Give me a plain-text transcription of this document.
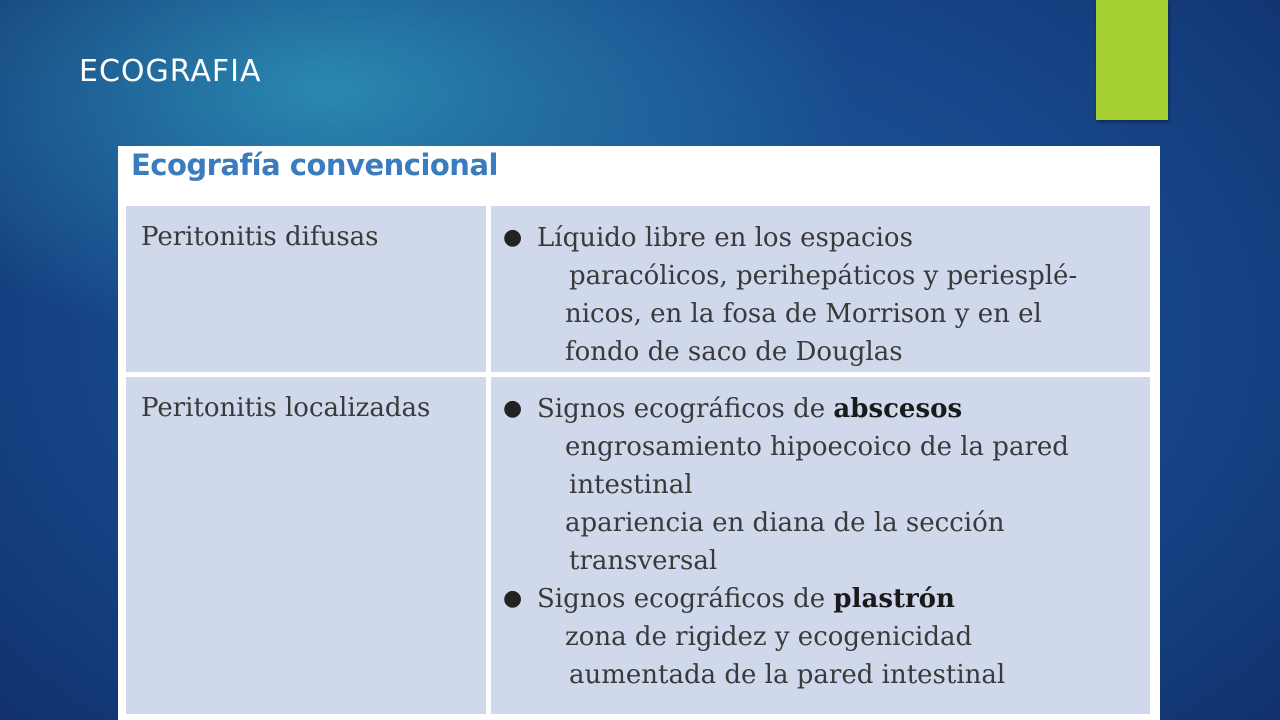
ECOGRAFIA
Ecografía convencional
Peritonitis difusas	● Líquido libre en los espacios
paracólicos, perihepáticos y periesplé-
nicos, en la fosa de Morrison y en el
fondo de saco de Douglas
Peritonitis localizadas	● Signos ecográficos de abscesos
engrosamiento hipoecoico de la pared
intestinal
apariencia en diana de la sección
transversal
● Signos ecográficos de plastrón
zona de rigidez y ecogenicidad
aumentada de la pared intestinal
